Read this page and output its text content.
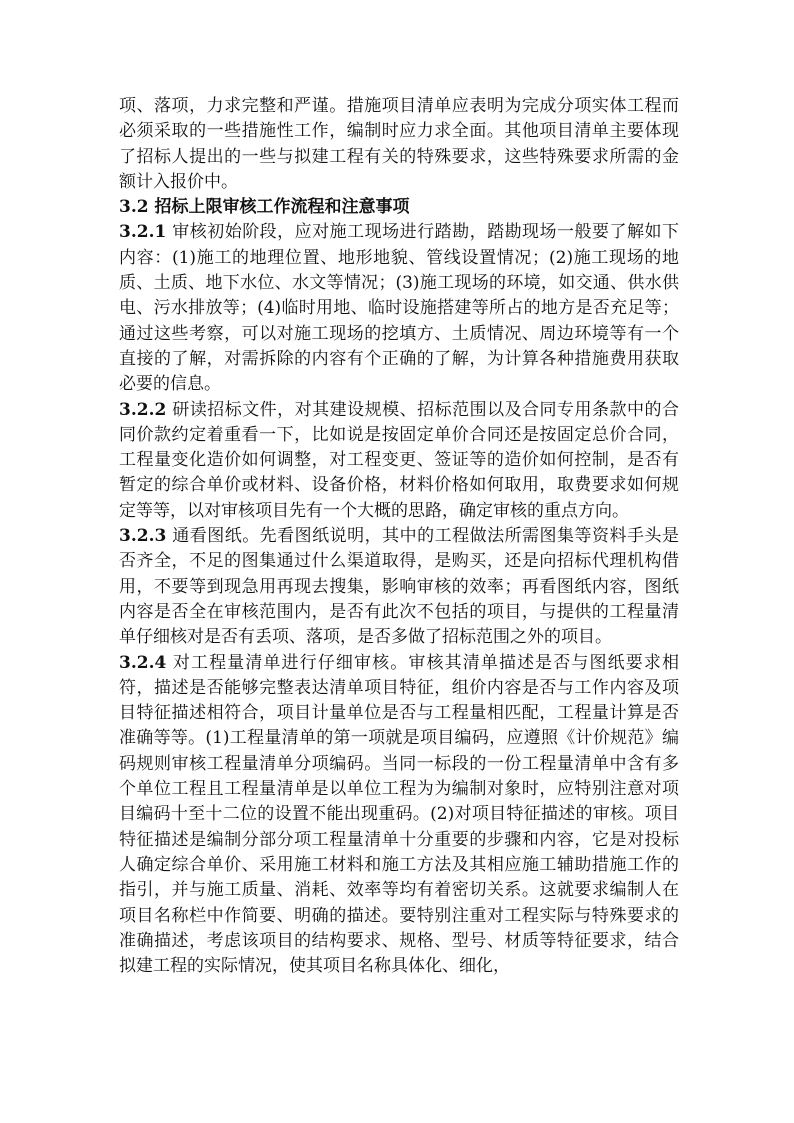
项、落项，力求完整和严谨。措施项目清单应表明为完成分项实体工程而必须采取的一些措施性工作，编制时应力求全面。其他项目清单主要体现了招标人提出的一些与拟建工程有关的特殊要求，这些特殊要求所需的金额计入报价中。

3.2 招标上限审核工作流程和注意事项

3.2.1 审核初始阶段，应对施工现场进行踏勘，踏勘现场一般要了解如下内容：(1)施工的地理位置、地形地貌、管线设置情况；(2)施工现场的地质、土质、地下水位、水文等情况；(3)施工现场的环境，如交通、供水供电、污水排放等；(4)临时用地、临时设施搭建等所占的地方是否充足等；通过这些考察，可以对施工现场的挖填方、土质情况、周边环境等有一个直接的了解，对需拆除的内容有个正确的了解，为计算各种措施费用获取必要的信息。

3.2.2 研读招标文件，对其建设规模、招标范围以及合同专用条款中的合同价款约定着重看一下，比如说是按固定单价合同还是按固定总价合同，工程量变化造价如何调整，对工程变更、签证等的造价如何控制，是否有暂定的综合单价或材料、设备价格，材料价格如何取用，取费要求如何规定等等，以对审核项目先有一个大概的思路，确定审核的重点方向。

3.2.3 通看图纸。先看图纸说明，其中的工程做法所需图集等资料手头是否齐全，不足的图集通过什么渠道取得，是购买，还是向招标代理机构借用，不要等到现急用再现去搜集，影响审核的效率；再看图纸内容，图纸内容是否全在审核范围内，是否有此次不包括的项目，与提供的工程量清单仔细核对是否有丢项、落项，是否多做了招标范围之外的项目。

3.2.4 对工程量清单进行仔细审核。审核其清单描述是否与图纸要求相符，描述是否能够完整表达清单项目特征，组价内容是否与工作内容及项目特征描述相符合，项目计量单位是否与工程量相匹配，工程量计算是否准确等等。(1)工程量清单的第一项就是项目编码，应遵照《计价规范》编码规则审核工程量清单分项编码。当同一标段的一份工程量清单中含有多个单位工程且工程量清单是以单位工程为为编制对象时，应特别注意对项目编码十至十二位的设置不能出现重码。(2)对项目特征描述的审核。项目特征描述是编制分部分项工程量清单十分重要的步骤和内容，它是对投标人确定综合单价、采用施工材料和施工方法及其相应施工辅助措施工作的指引，并与施工质量、消耗、效率等均有着密切关系。这就要求编制人在项目名称栏中作简要、明确的描述。要特别注重对工程实际与特殊要求的准确描述，考虑该项目的结构要求、规格、型号、材质等特征要求，结合拟建工程的实际情况，使其项目名称具体化、细化，
